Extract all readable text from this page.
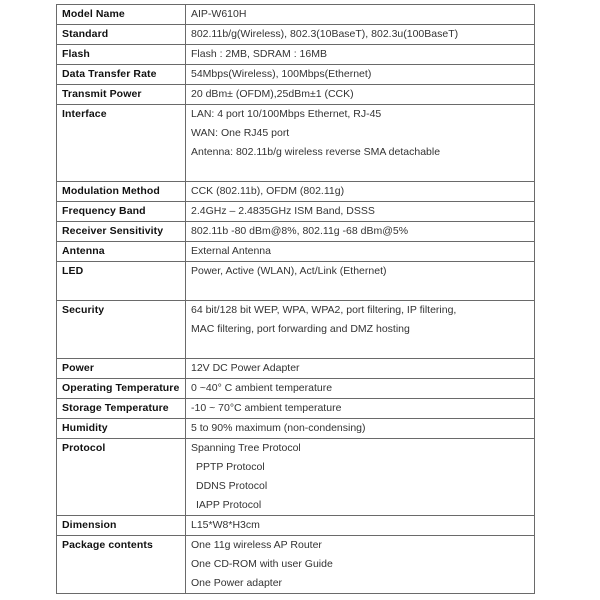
Model Name	AIP-W610H

Standard	802.11b/g(Wireless), 802.3(10BaseT), 802.3u(100BaseT)

Flash	Flash : 2MB, SDRAM : 16MB

Data Transfer Rate	54Mbps(Wireless), 100Mbps(Ethernet)

Transmit Power	20 dBm± (OFDM),25dBm±1 (CCK)

Interface	LAN: 4 port 10/100Mbps Ethernet, RJ-45
WAN: One RJ45 port
Antenna: 802.11b/g wireless reverse SMA detachable

Modulation Method	CCK (802.11b), OFDM (802.11g)

Frequency Band	2.4GHz – 2.4835GHz ISM Band, DSSS

Receiver Sensitivity	802.11b -80 dBm@8%, 802.11g -68 dBm@5%

Antenna	External Antenna

LED	Power, Active (WLAN), Act/Link (Ethernet)

Security	64 bit/128 bit WEP, WPA, WPA2, port filtering, IP filtering,
MAC filtering, port forwarding and DMZ hosting

Power	12V DC Power Adapter

Operating Temperature	0 ~40° C ambient temperature

Storage Temperature	-10 ~ 70°C ambient temperature

Humidity	5 to 90% maximum (non-condensing)

Protocol	Spanning Tree Protocol
PPTP Protocol
DDNS Protocol
IAPP Protocol

Dimension	L15*W8*H3cm

Package contents	One 11g wireless AP Router
One CD-ROM with user Guide
One Power adapter
